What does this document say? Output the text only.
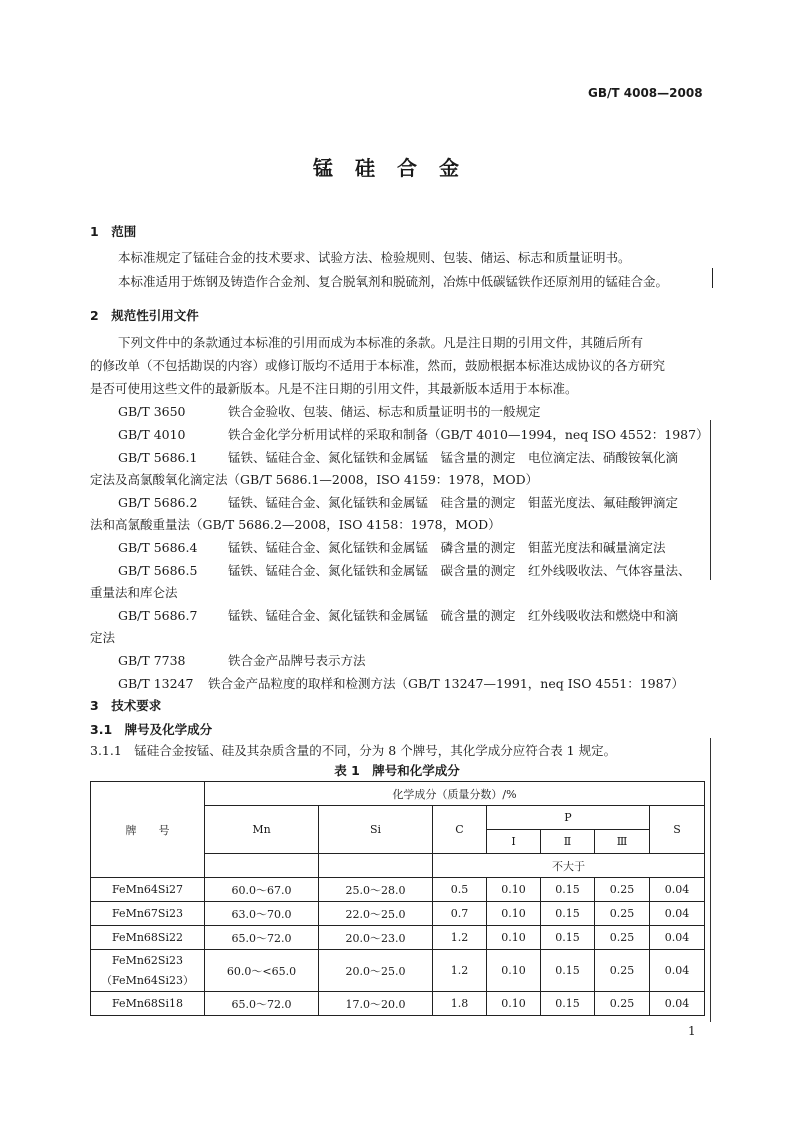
GB/T 4008—2008
锰硅合金
1　范围
本标准规定了锰硅合金的技术要求、试验方法、检验规则、包装、储运、标志和质量证明书。
本标准适用于炼钢及铸造作合金剂、复合脱氧剂和脱硫剂，冶炼中低碳锰铁作还原剂用的锰硅合金。
2　规范性引用文件
下列文件中的条款通过本标准的引用而成为本标准的条款。凡是注日期的引用文件，其随后所有
的修改单（不包括勘误的内容）或修订版均不适用于本标准，然而，鼓励根据本标准达成协议的各方研究
是否可使用这些文件的最新版本。凡是不注日期的引用文件，其最新版本适用于本标准。
GB/T 3650	铁合金验收、包装、储运、标志和质量证明书的一般规定
GB/T 4010	铁合金化学分析用试样的采取和制备（GB/T 4010—1994，neq ISO 4552：1987）
GB/T 5686.1 锰铁、锰硅合金、氮化锰铁和金属锰　锰含量的测定　电位滴定法、硝酸铵氧化滴
定法及高氯酸氧化滴定法（GB/T 5686.1—2008，ISO 4159：1978，MOD）
GB/T 5686.2 锰铁、锰硅合金、氮化锰铁和金属锰　硅含量的测定　钼蓝光度法、氟硅酸钾滴定
法和高氯酸重量法（GB/T 5686.2—2008，ISO 4158：1978，MOD）
GB/T 5686.4 锰铁、锰硅合金、氮化锰铁和金属锰　磷含量的测定　钼蓝光度法和碱量滴定法
GB/T 5686.5 锰铁、锰硅合金、氮化锰铁和金属锰　碳含量的测定　红外线吸收法、气体容量法、
重量法和库仑法
GB/T 5686.7 锰铁、锰硅合金、氮化锰铁和金属锰　硫含量的测定　红外线吸收法和燃烧中和滴
定法
GB/T 7738	铁合金产品牌号表示方法
GB/T 13247 铁合金产品粒度的取样和检测方法（GB/T 13247—1991，neq ISO 4551：1987）
3　技术要求
3.1　牌号及化学成分
3.1.1　锰硅合金按锰、硅及其杂质含量的不同，分为 8 个牌号，其化学成分应符合表 1 规定。
表 1　牌号和化学成分
牌　　号	化学成分（质量分数）/%						
	Mn	Si	C	P			S
				Ⅰ	Ⅱ	Ⅲ	
			不大于				
FeMn64Si27	60.0～67.0	25.0～28.0	0.5	0.10	0.15	0.25	0.04
FeMn67Si23	63.0～70.0	22.0～25.0	0.7	0.10	0.15	0.25	0.04
FeMn68Si22	65.0～72.0	20.0～23.0	1.2	0.10	0.15	0.25	0.04

FeMn62Si23
（FeMn64Si23）	60.0～<65.0	20.0～25.0	1.2	0.10	0.15	0.25	0.04
FeMn68Si18	65.0～72.0	17.0～20.0	1.8	0.10	0.15	0.25	0.04
1
